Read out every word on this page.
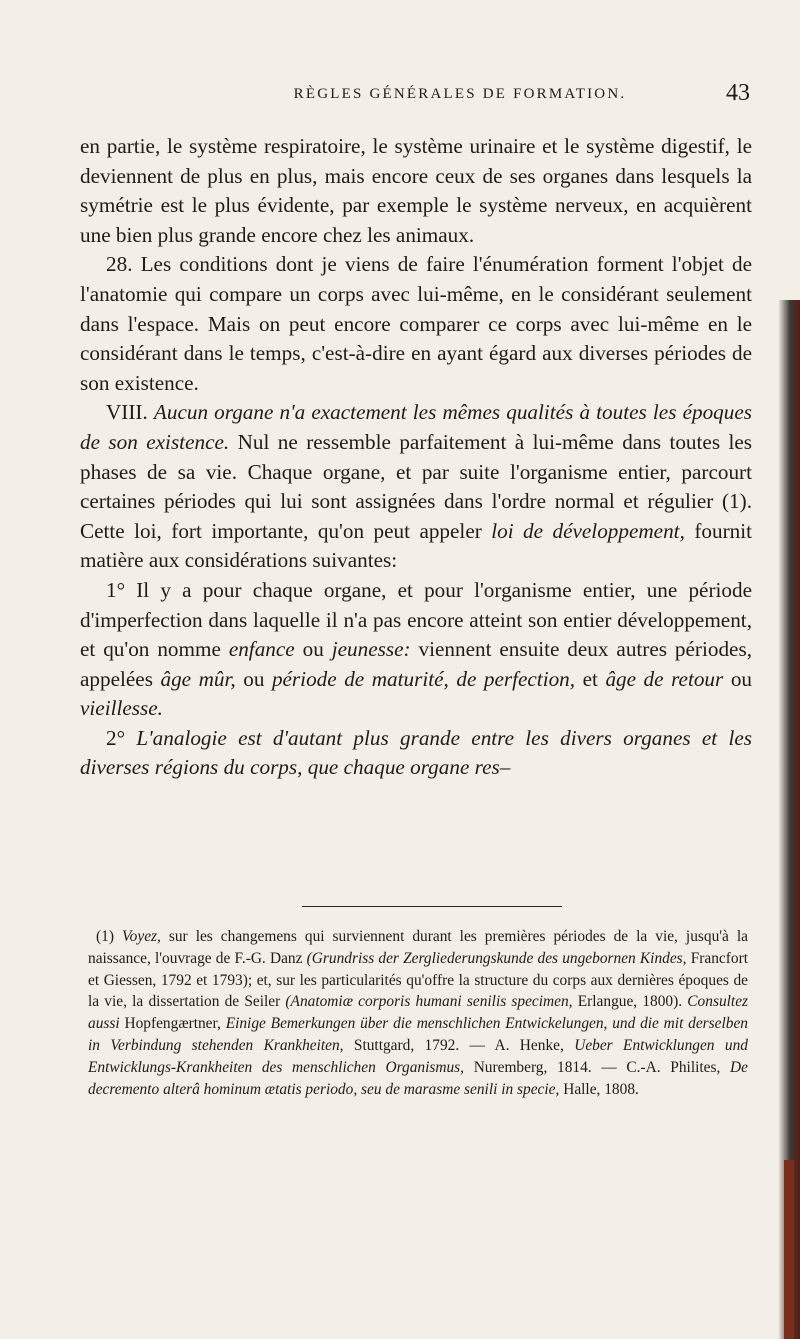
RÈGLES GÉNÉRALES DE FORMATION.	43

en partie, le système respiratoire, le système urinaire et le système digestif, le deviennent de plus en plus, mais encore ceux de ses organes dans lesquels la symétrie est le plus évidente, par exemple le système nerveux, en acquièrent une bien plus grande encore chez les animaux.

28. Les conditions dont je viens de faire l'énumération forment l'objet de l'anatomie qui compare un corps avec lui-même, en le considérant seulement dans l'espace. Mais on peut encore comparer ce corps avec lui-même en le considérant dans le temps, c'est-à-dire en ayant égard aux diverses périodes de son existence.

VIII. Aucun organe n'a exactement les mêmes qualités à toutes les époques de son existence. Nul ne ressemble parfaitement à lui-même dans toutes les phases de sa vie. Chaque organe, et par suite l'organisme entier, parcourt certaines périodes qui lui sont assignées dans l'ordre normal et régulier (1). Cette loi, fort importante, qu'on peut appeler loi de développement, fournit matière aux considérations suivantes:

1° Il y a pour chaque organe, et pour l'organisme entier, une période d'imperfection dans laquelle il n'a pas encore atteint son entier développement, et qu'on nomme enfance ou jeunesse: viennent ensuite deux autres périodes, appelées âge mûr, ou période de maturité, de perfection, et âge de retour ou vieillesse.

2° L'analogie est d'autant plus grande entre les divers organes et les diverses régions du corps, que chaque organe res–

(1) Voyez, sur les changemens qui surviennent durant les premières périodes de la vie, jusqu'à la naissance, l'ouvrage de F.-G. Danz (Grundriss der Zergliederungskunde des ungebornen Kindes, Francfort et Giessen, 1792 et 1793); et, sur les particularités qu'offre la structure du corps aux dernières époques de la vie, la dissertation de Seiler (Anatomiæ corporis humani senilis specimen, Erlangue, 1800). Consultez aussi Hopfengærtner, Einige Bemerkungen über die menschlichen Entwickelungen, und die mit derselben in Verbindung stehenden Krankheiten, Stuttgard, 1792. — A. Henke, Ueber Entwicklungen und Entwicklungs-Krankheiten des menschlichen Organismus, Nuremberg, 1814. — C.-A. Philites, De decremento alterâ hominum ætatis periodo, seu de marasme senili in specie, Halle, 1808.
